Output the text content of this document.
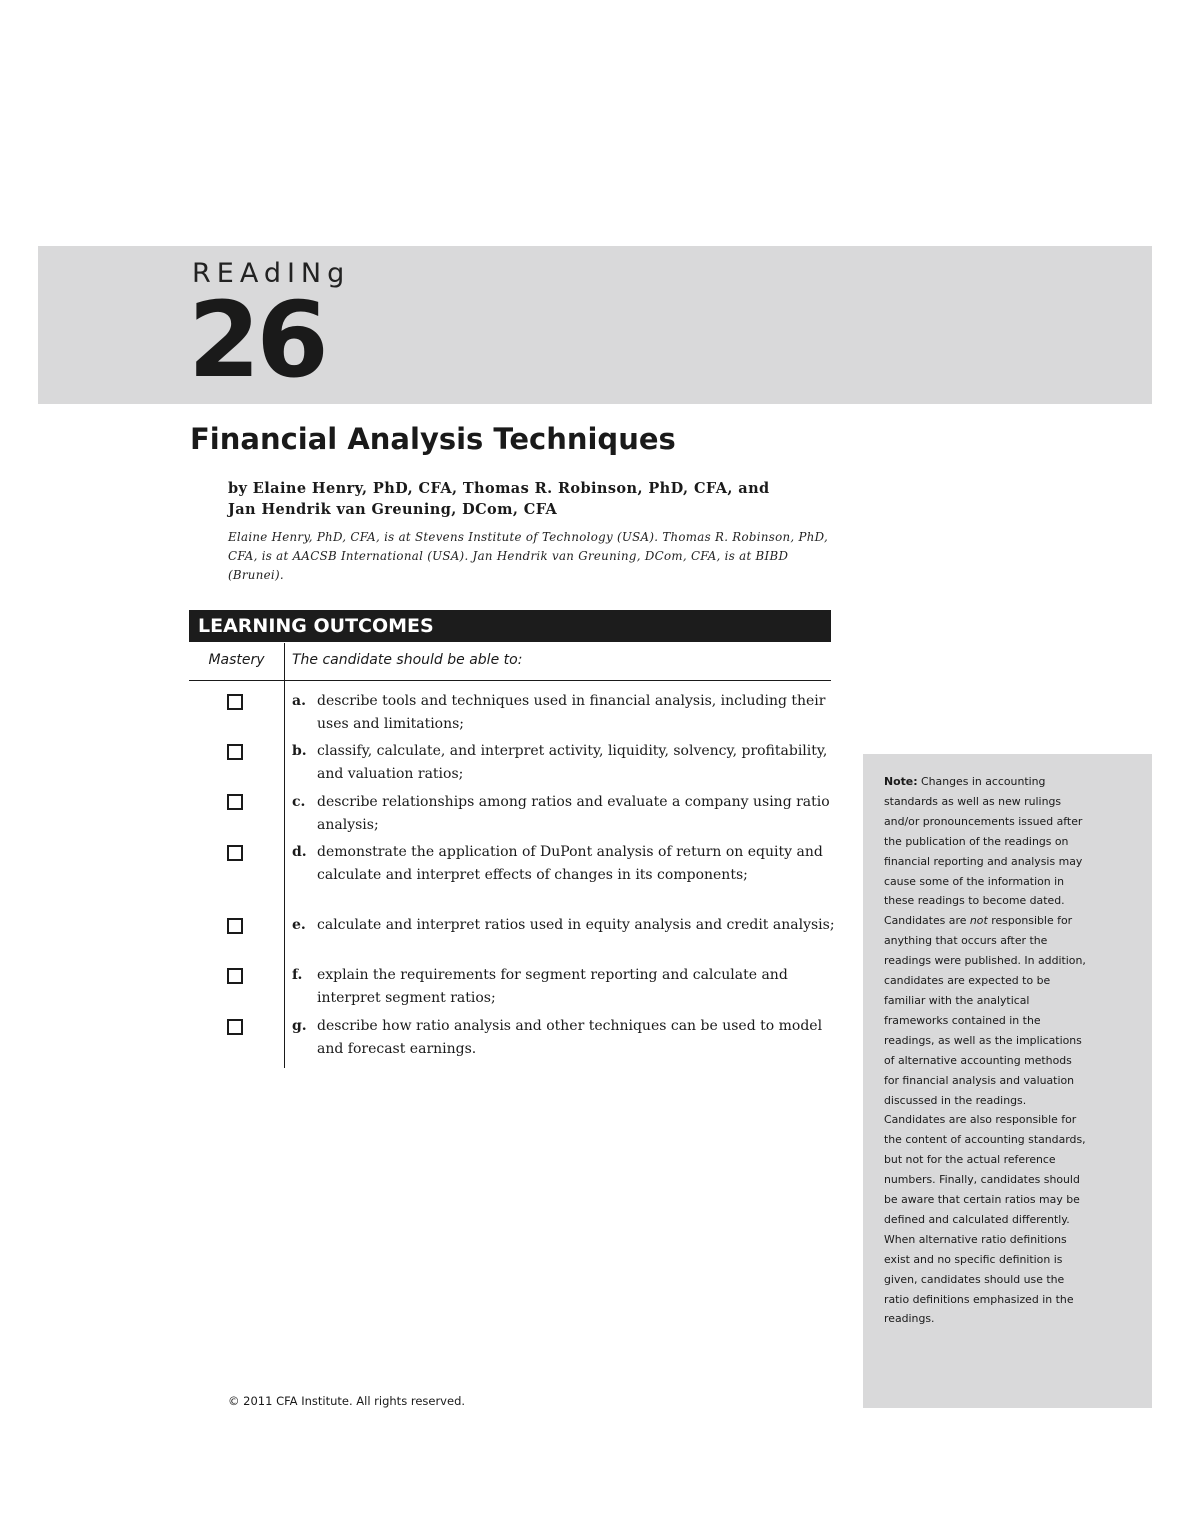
REAdINg
26
Financial Analysis Techniques
by Elaine Henry, PhD, CFA, Thomas R. Robinson, PhD, CFA, and
Jan Hendrik van Greuning, DCom, CFA
Elaine Henry, PhD, CFA, is at Stevens Institute of Technology (USA). Thomas R. Robinson, PhD, CFA, is at AACSB International (USA). Jan Hendrik van Greuning, DCom, CFA, is at BIBD (Brunei).
LEARNING OUTCOMES
Mastery	The candidate should be able to:
a. describe tools and techniques used in financial analysis, including their uses and limitations;
b. classify, calculate, and interpret activity, liquidity, solvency, profitability, and valuation ratios;
c. describe relationships among ratios and evaluate a company using ratio analysis;
d. demonstrate the application of DuPont analysis of return on equity and calculate and interpret effects of changes in its components;
e. calculate and interpret ratios used in equity analysis and credit analysis;
f. explain the requirements for segment reporting and calculate and interpret segment ratios;
g. describe how ratio analysis and other techniques can be used to model and forecast earnings.
Note: Changes in accounting standards as well as new rulings and/or pronouncements issued after the publication of the readings on financial reporting and analysis may cause some of the information in these readings to become dated. Candidates are not responsible for anything that occurs after the readings were published. In addition, candidates are expected to be familiar with the analytical frameworks contained in the readings, as well as the implications of alternative accounting methods for financial analysis and valuation discussed in the readings. Candidates are also responsible for the content of accounting standards, but not for the actual reference numbers. Finally, candidates should be aware that certain ratios may be defined and calculated differently. When alternative ratio definitions exist and no specific definition is given, candidates should use the ratio definitions emphasized in the readings.
© 2011 CFA Institute. All rights reserved.
